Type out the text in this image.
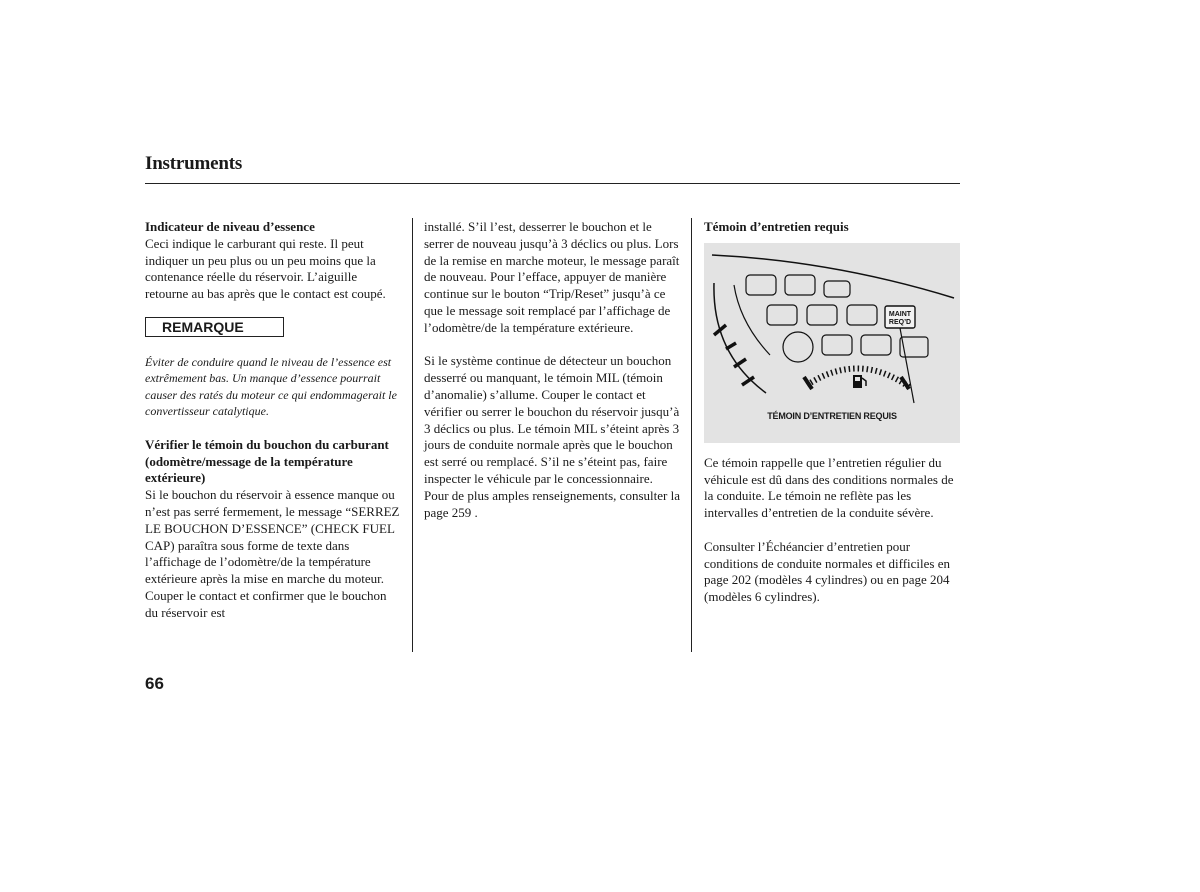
Instruments

Indicateur de niveau d’essence

Ceci indique le carburant qui reste. Il peut indiquer un peu plus ou un peu moins que la contenance réelle du réservoir. L’aiguille retourne au bas après que le contact est coupé.

REMARQUE

Éviter de conduire quand le niveau de l’essence est extrêmement bas. Un manque d’essence pourrait causer des ratés du moteur ce qui endommagerait le convertisseur catalytique.

Vérifier le témoin du bouchon du carburant

(odomètre/message de la température extérieure)

Si le bouchon du réservoir à essence manque ou n’est pas serré fermement, le message “SERREZ LE BOUCHON D’ESSENCE” (CHECK FUEL CAP) paraîtra sous forme de texte dans l’affichage de l’odomètre/de la température extérieure après la mise en marche du moteur. Couper le contact et confirmer que le bouchon du réservoir est

installé. S’il l’est, desserrer le bouchon et le serrer de nouveau jusqu’à 3 déclics ou plus. Lors de la remise en marche moteur, le message paraît de nouveau. Pour l’efface, appuyer de manière continue sur le bouton “Trip/Reset” jusqu’à ce que le message soit remplacé par l’affichage de l’odomètre/de la température extérieure.

Si le système continue de détecteur un bouchon desserré ou manquant, le témoin MIL (témoin d’anomalie) s’allume. Couper le contact et vérifier ou serrer le bouchon du réservoir jusqu’à 3 déclics ou plus. Le témoin MIL s’éteint après 3 jours de conduite normale après que le bouchon est serré ou remplacé. S’il ne s’éteint pas, faire inspecter le véhicule par le concessionnaire. Pour de plus amples renseignements, consulter la page 259 .

Témoin d’entretien requis

MAINT
REQ’D
TÉMOIN D’ENTRETIEN REQUIS

Ce témoin rappelle que l’entretien régulier du véhicule est dû dans des conditions normales de la conduite. Le témoin ne reflète pas les intervalles d’entretien de la conduite sévère.

Consulter l’Échéancier d’entretien pour conditions de conduite normales et difficiles en page 202 (modèles 4 cylindres) ou en page 204 (modèles 6 cylindres).

66
